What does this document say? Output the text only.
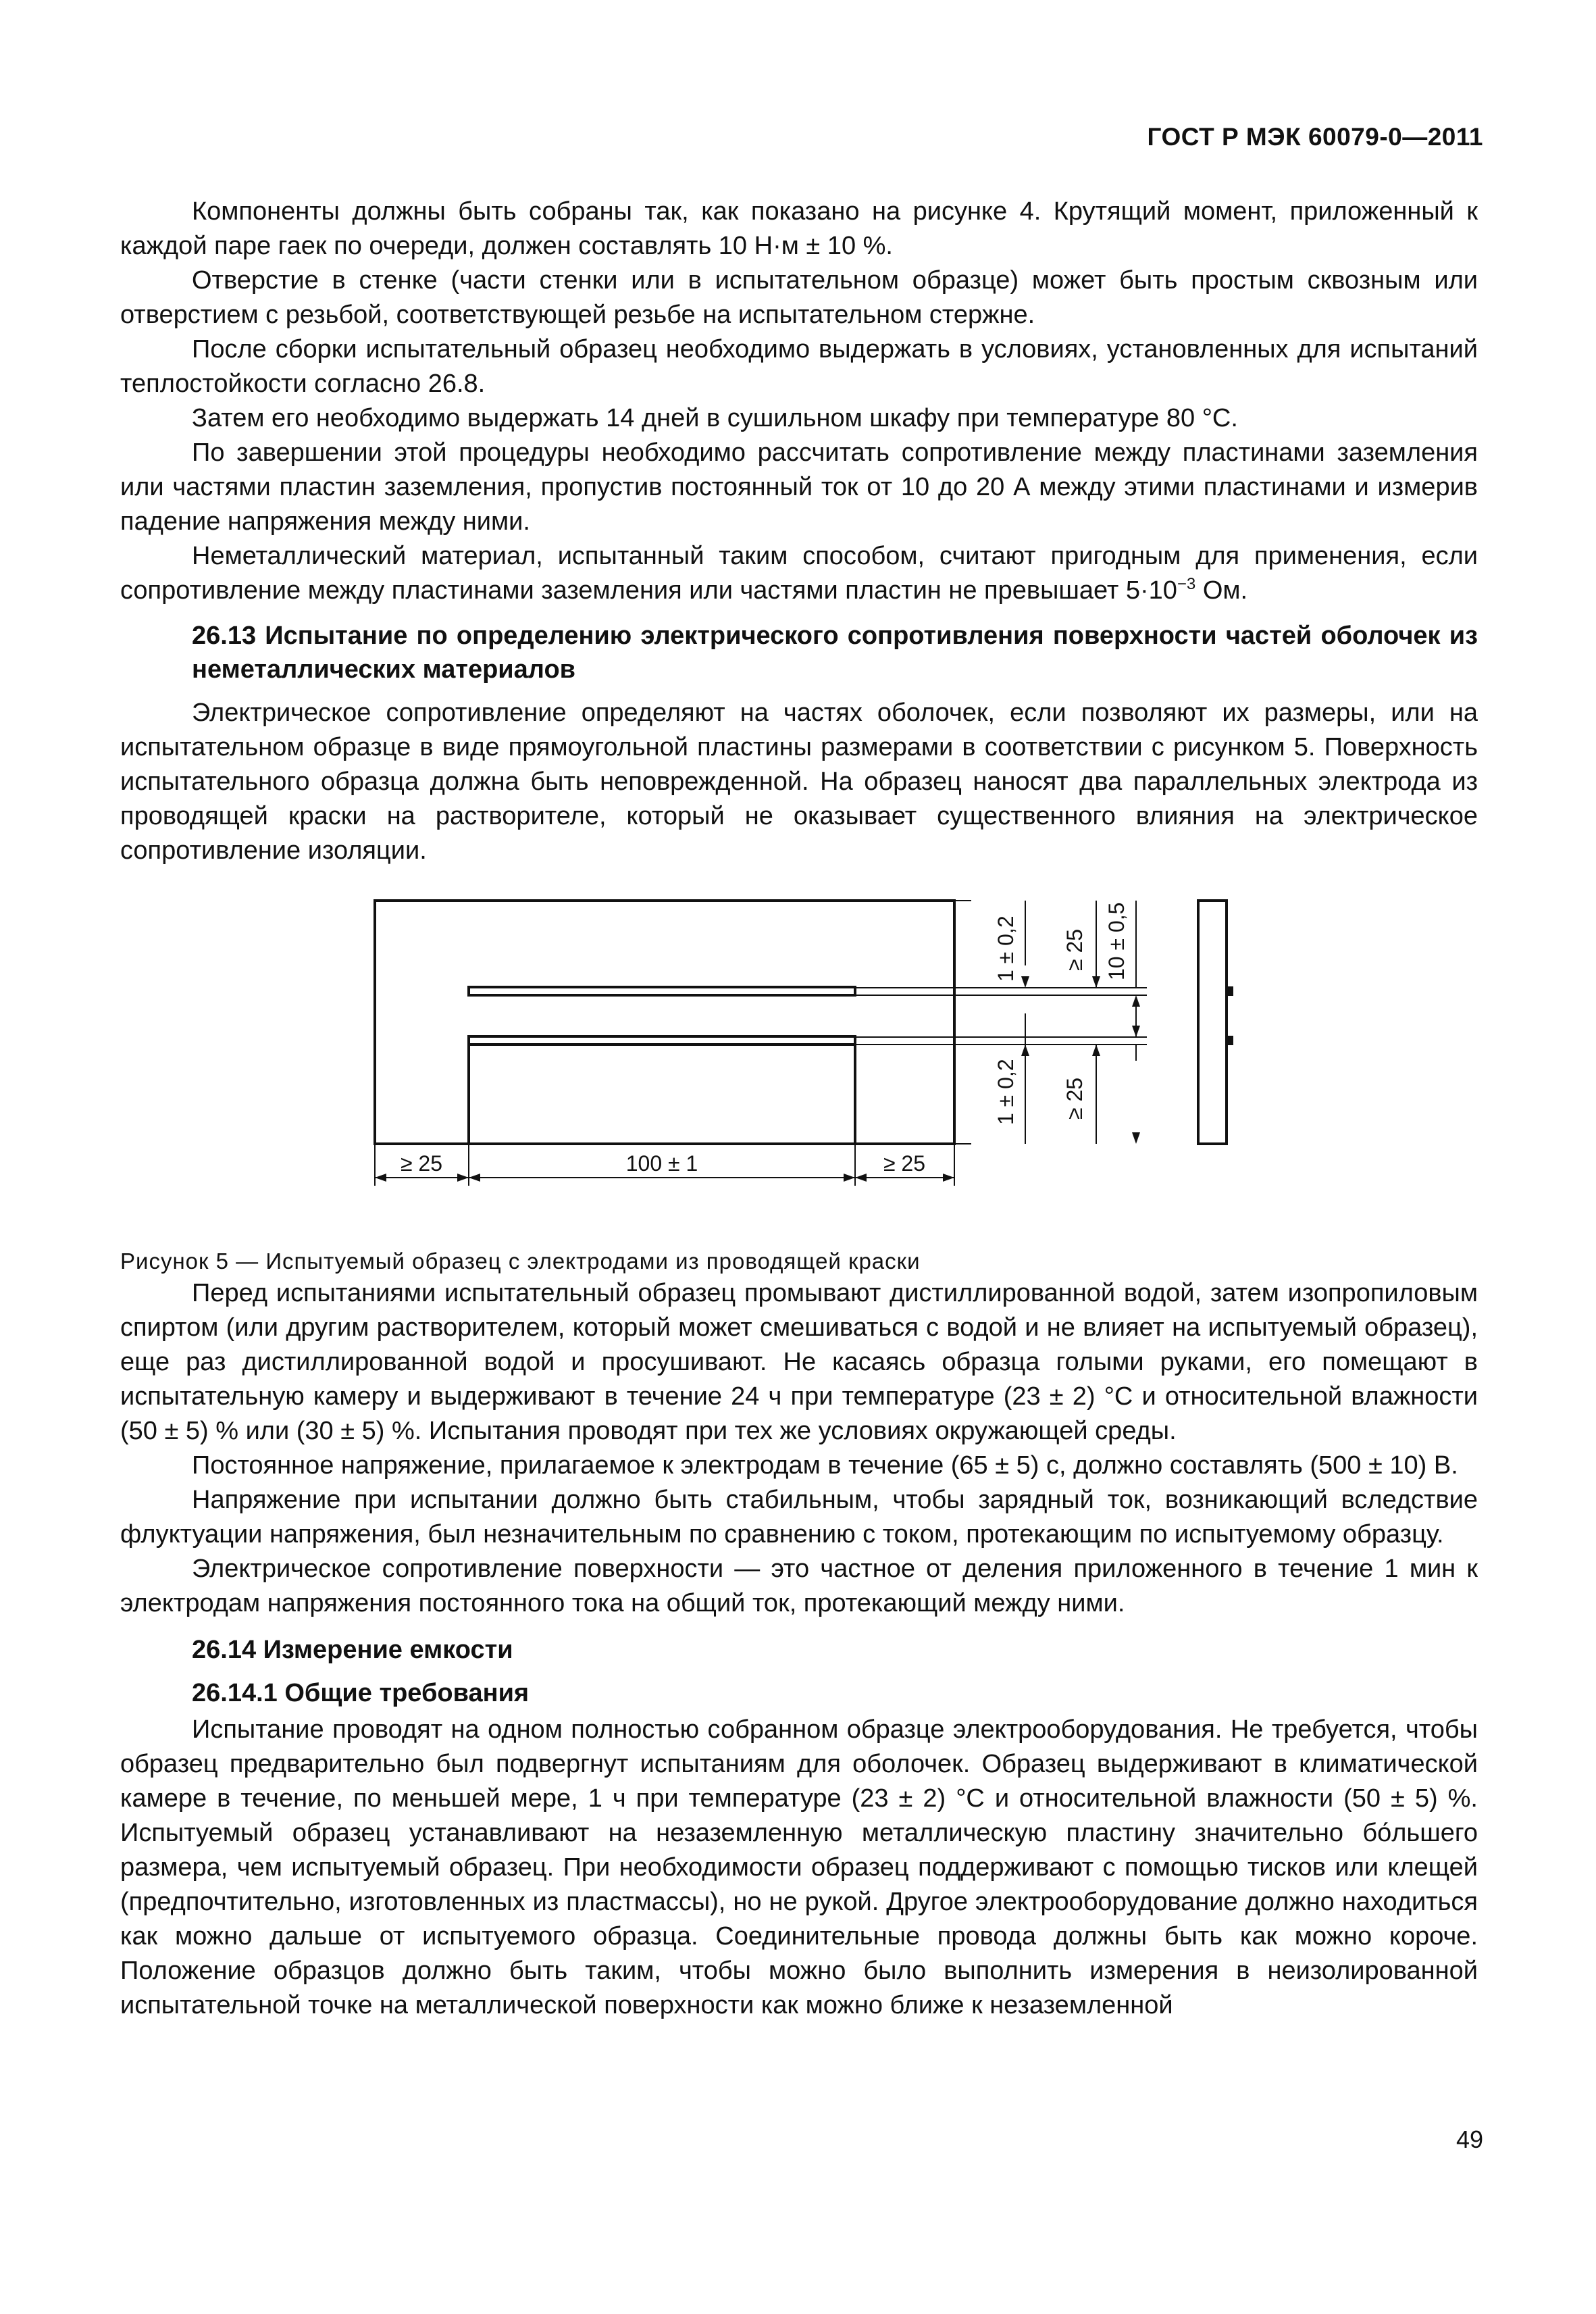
ГОСТ Р МЭК 60079-0—2011

Компоненты должны быть собраны так, как показано на рисунке 4. Крутящий момент, приложенный к каждой паре гаек по очереди, должен составлять 10 Н·м ± 10 %.

Отверстие в стенке (части стенки или в испытательном образце) может быть простым сквозным или отверстием с резьбой, соответствующей резьбе на испытательном стержне.

После сборки испытательный образец необходимо выдержать в условиях, установленных для испытаний теплостойкости согласно 26.8.

Затем его необходимо выдержать 14 дней в сушильном шкафу при температуре 80 °С.

По завершении этой процедуры необходимо рассчитать сопротивление между пластинами заземления или частями пластин заземления, пропустив постоянный ток от 10 до 20 А между этими пластинами и измерив падение напряжения между ними.

Неметаллический материал, испытанный таким способом, считают пригодным для применения, если сопротивление между пластинами заземления или частями пластин не превышает $5\cdot 10^{-3}$ Ом.

26.13 Испытание по определению электрического сопротивления поверхности частей оболочек из неметаллических материалов

Электрическое сопротивление определяют на частях оболочек, если позволяют их размеры, или на испытательном образце в виде прямоугольной пластины размерами в соответствии с рисунком 5. Поверхность испытательного образца должна быть неповрежденной. На образец наносят два параллельных электрода из проводящей краски на растворителе, который не оказывает существенного влияния на электрическое сопротивление изоляции.

1 ± 0,2 ≥ 25 10 ± 0,5
1 ± 0,2 ≥ 25
≥ 25	100 ± 1	≥ 25

Рисунок 5 — Испытуемый образец с электродами из проводящей краски

Перед испытаниями испытательный образец промывают дистиллированной водой, затем изопропиловым спиртом (или другим растворителем, который может смешиваться с водой и не влияет на испытуемый образец), еще раз дистиллированной водой и просушивают. Не касаясь образца голыми руками, его помещают в испытательную камеру и выдерживают в течение 24 ч при температуре (23 ± 2) °С и относительной влажности (50 ± 5) % или (30 ± 5) %. Испытания проводят при тех же условиях окружающей среды.

Постоянное напряжение, прилагаемое к электродам в течение (65 ± 5) с, должно составлять (500 ± 10) В.

Напряжение при испытании должно быть стабильным, чтобы зарядный ток, возникающий вследствие флуктуации напряжения, был незначительным по сравнению с током, протекающим по испытуемому образцу.

Электрическое сопротивление поверхности — это частное от деления приложенного в течение 1 мин к электродам напряжения постоянного тока на общий ток, протекающий между ними.

26.14 Измерение емкости
26.14.1 Общие требования

Испытание проводят на одном полностью собранном образце электрооборудования. Не требуется, чтобы образец предварительно был подвергнут испытаниям для оболочек. Образец выдерживают в климатической камере в течение, по меньшей мере, 1 ч при температуре (23 ± 2) °С и относительной влажности (50 ± 5) %. Испытуемый образец устанавливают на незаземленную металлическую пластину значительно бо́льшего размера, чем испытуемый образец. При необходимости образец поддерживают с помощью тисков или клещей (предпочтительно, изготовленных из пластмассы), но не рукой. Другое электрооборудование должно находиться как можно дальше от испытуемого образца. Соединительные провода должны быть как можно короче. Положение образцов должно быть таким, чтобы можно было выполнить измерения в неизолированной испытательной точке на металлической поверхности как можно ближе к незаземленной

49
